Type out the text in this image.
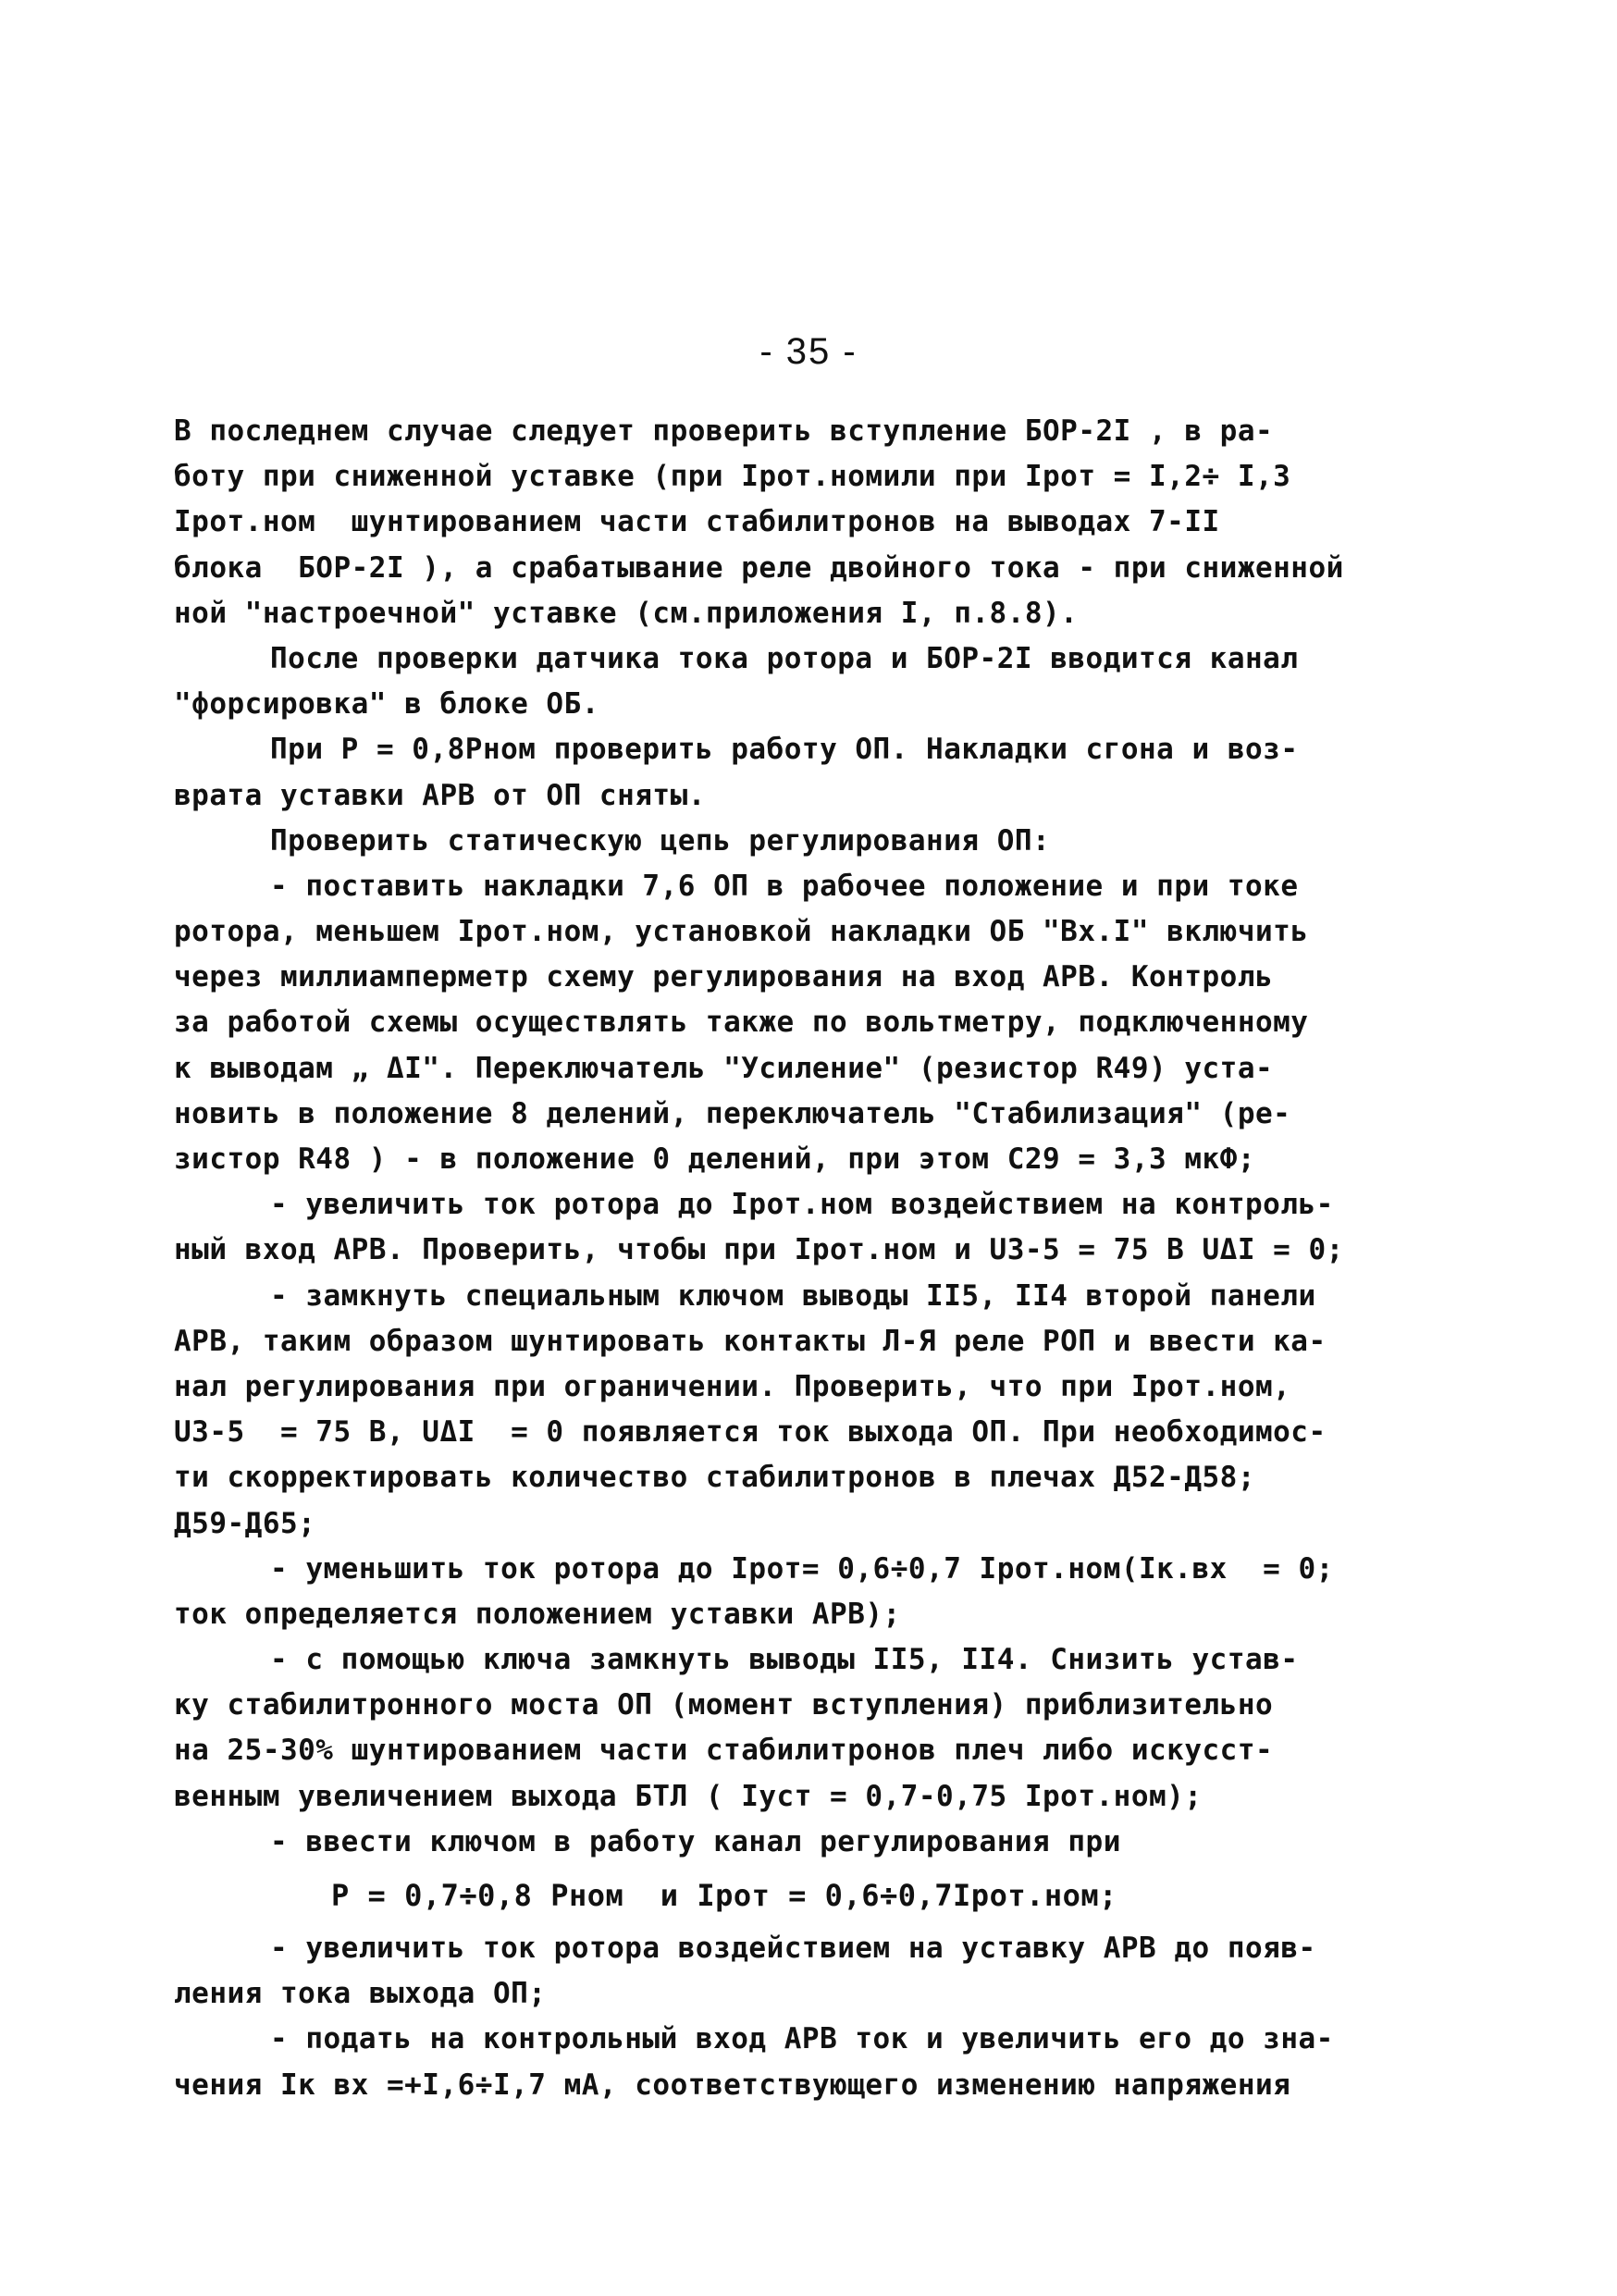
- 35 -
В последнем случае следует проверить вступление БОР-2I , в ра-
боту при сниженной уставке (при Iрот.номили при Iрот = I,2÷ I,3
Iрот.ном  шунтированием части стабилитронов на выводах 7-II
блока  БОР-2I ), а срабатывание реле двойного тока - при сниженной
ной "настроечной" уставке (см.приложения I, п.8.8).
После проверки датчика тока ротора и БОР-2I вводится канал
"форсировка" в блоке ОБ.
При P = 0,8Pном проверить работу ОП. Накладки сгона и воз-
врата уставки АРВ от ОП сняты.
Проверить статическую цепь регулирования ОП:
- поставить накладки 7,6 ОП в рабочее положение и при токе
ротора, меньшем Iрот.ном, установкой накладки ОБ "Вх.I" включить
через миллиамперметр схему регулирования на вход АРВ. Контроль
за работой схемы осуществлять также по вольтметру, подключенному
к выводам „ ΔI". Переключатель "Усиление" (резистор R49) уста-
новить в положение 8 делений, переключатель "Стабилизация" (ре-
зистор R48 ) - в положение 0 делений, при этом С29 = 3,3 мкФ;
- увеличить ток ротора до Iрот.ном воздействием на контроль-
ный вход АРВ. Проверить, чтобы при Iрот.ном и U3-5 = 75 В UΔI = 0;
- замкнуть специальным ключом выводы II5, II4 второй панели
АРВ, таким образом шунтировать контакты Л-Я реле РОП и ввести ка-
нал регулирования при ограничении. Проверить, что при Iрот.ном,
U3-5  = 75 В, UΔI  = 0 появляется ток выхода ОП. При необходимос-
ти скорректировать количество стабилитронов в плечах Д52-Д58;
Д59-Д65;
- уменьшить ток ротора до Iрот= 0,6÷0,7 Iрот.ном(Iк.вх  = 0;
ток определяется положением уставки АРВ);
- с помощью ключа замкнуть выводы II5, II4. Снизить устав-
ку стабилитронного моста ОП (момент вступления) приблизительно
на 25-30% шунтированием части стабилитронов плеч либо искусст-
венным увеличением выхода БТЛ ( Iуст = 0,7-0,75 Iрот.ном);
- ввести ключом в работу канал регулирования при
P = 0,7÷0,8 Pном  и Iрот = 0,6÷0,7Iрот.ном;
- увеличить ток ротора воздействием на уставку АРВ до появ-
ления тока выхода ОП;
- подать на контрольный вход АРВ ток и увеличить его до зна-
чения Iк вх =+I,6÷I,7 мА, соответствующего изменению напряжения
